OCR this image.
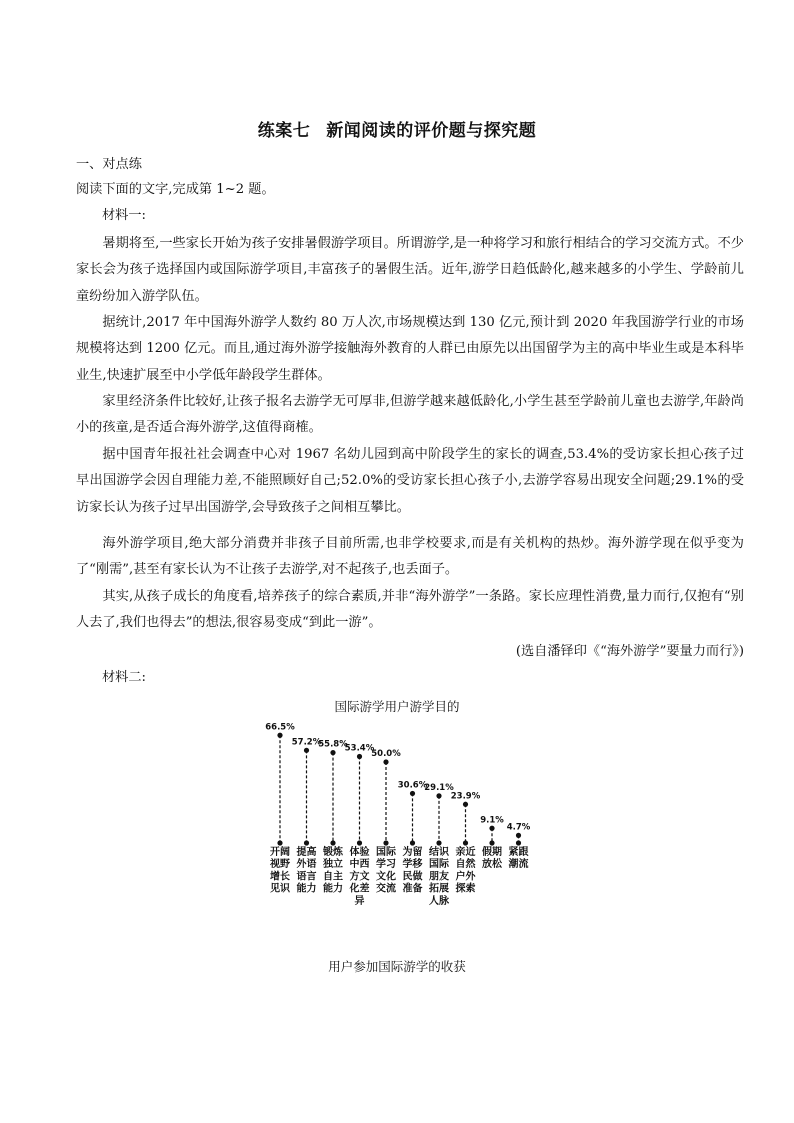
练案七 新闻阅读的评价题与探究题
一、对点练
阅读下面的文字,完成第 1~2 题。
材料一:
暑期将至,一些家长开始为孩子安排暑假游学项目。所谓游学,是一种将学习和旅行相结合的学习交流方式。不少家长会为孩子选择国内或国际游学项目,丰富孩子的暑假生活。近年,游学日趋低龄化,越来越多的小学生、学龄前儿童纷纷加入游学队伍。
据统计,2017 年中国海外游学人数约 80 万人次,市场规模达到 130 亿元,预计到 2020 年我国游学行业的市场规模将达到 1200 亿元。而且,通过海外游学接触海外教育的人群已由原先以出国留学为主的高中毕业生或是本科毕业生,快速扩展至中小学低年龄段学生群体。
家里经济条件比较好,让孩子报名去游学无可厚非,但游学越来越低龄化,小学生甚至学龄前儿童也去游学,年龄尚小的孩童,是否适合海外游学,这值得商榷。
据中国青年报社社会调查中心对 1967 名幼儿园到高中阶段学生的家长的调查,53.4%的受访家长担心孩子过早出国游学会因自理能力差,不能照顾好自己;52.0%的受访家长担心孩子小,去游学容易出现安全问题;29.1%的受访家长认为孩子过早出国游学,会导致孩子之间相互攀比。
海外游学项目,绝大部分消费并非孩子目前所需,也非学校要求,而是有关机构的热炒。海外游学现在似乎变为了“刚需”,甚至有家长认为不让孩子去游学,对不起孩子,也丢面子。
其实,从孩子成长的角度看,培养孩子的综合素质,并非“海外游学”一条路。家长应理性消费,量力而行,仅抱有“别人去了,我们也得去”的想法,很容易变成“到此一游”。
(选自潘铎印《“海外游学”要量力而行》)
材料二:
国际游学用户游学目的
66.5%
开阔视野增长见识
57.2%
提高外语语言能力
55.8%
锻炼独立自主能力
53.4%
体验中西方文化差异
50.0%
国际学习文化交流
30.6%
为留学移民做准备
29.1%
结识国际朋友拓展人脉
23.9%
亲近自然户外探索
9.1%
假期放松
4.7%
紧跟潮流
用户参加国际游学的收获
